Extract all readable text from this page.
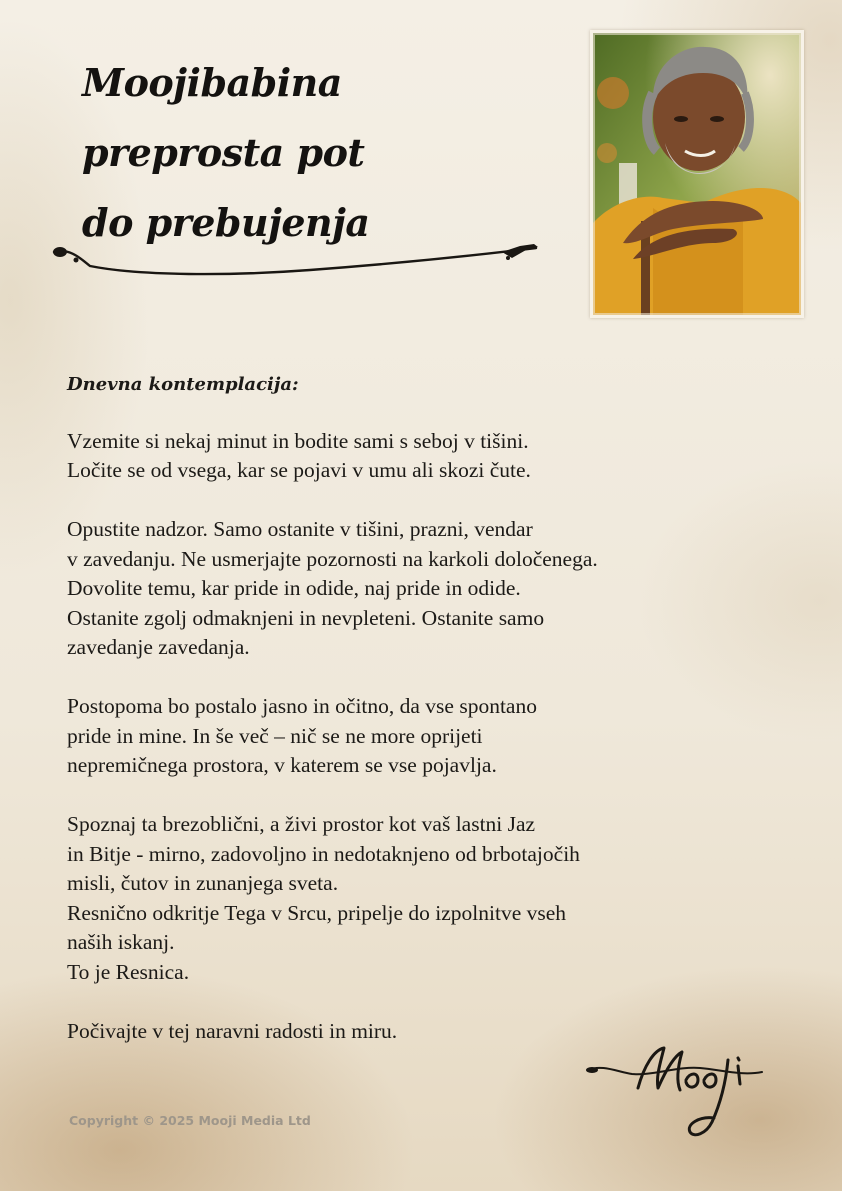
Moojibabina
preprosta pot
do prebujenja

Dnevna kontemplacija:

Vzemite si nekaj minut in bodite sami s seboj v tišini.
Ločite se od vsega, kar se pojavi v umu ali skozi čute.

Opustite nadzor. Samo ostanite v tišini, prazni, vendar
v zavedanju. Ne usmerjajte pozornosti na karkoli določenega.
Dovolite temu, kar pride in odide, naj pride in odide.
Ostanite zgolj odmaknjeni in nevpleteni. Ostanite samo
zavedanje zavedanja.

Postopoma bo postalo jasno in očitno, da vse spontano
pride in mine. In še več – nič se ne more oprijeti
nepremičnega prostora, v katerem se vse pojavlja.

Spoznaj ta brezoblični, a živi prostor kot vaš lastni Jaz
in Bitje - mirno, zadovoljno in nedotaknjeno od brbotajočih
misli, čutov in zunanjega sveta.
Resnično odkritje Tega v Srcu, pripelje do izpolnitve vseh
naših iskanj.
To je Resnica.

Počivajte v tej naravni radosti in miru.

Copyright © 2025 Mooji Media Ltd
